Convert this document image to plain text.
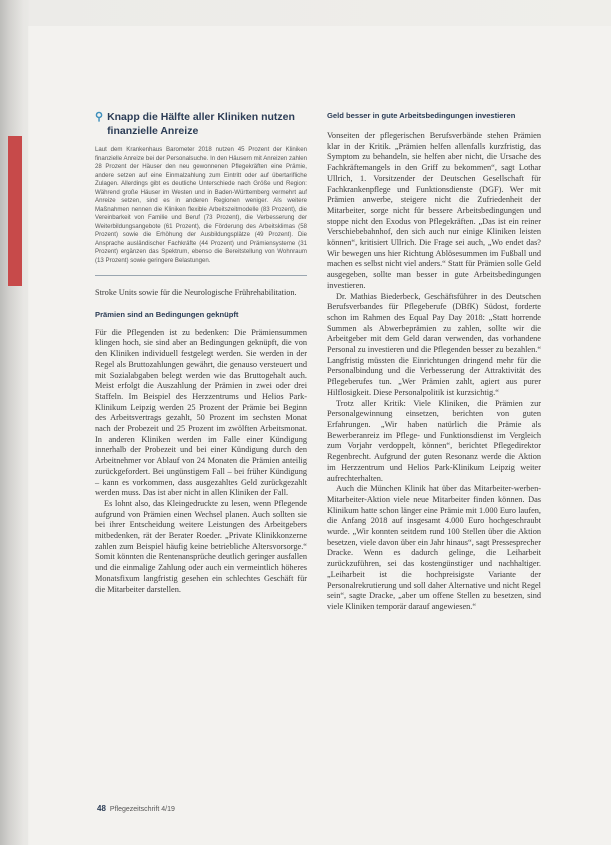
⚲ Knapp die Hälfte aller Kliniken nutzen finanzielle Anreize

Laut dem Krankenhaus Barometer 2018 nutzen 45 Prozent der Kliniken finanzielle Anreize bei der Personalsuche. In den Häusern mit Anreizen zahlen 28 Prozent der Häuser den neu gewonnenen Pflegekräften eine Prämie, andere setzen auf eine Einmalzahlung zum Eintritt oder auf übertarifliche Zulagen. Allerdings gibt es deutliche Unterschiede nach Größe und Region: Während große Häuser im Westen und in Baden-Württemberg vermehrt auf Anreize setzen, sind es in anderen Regionen weniger. Als weitere Maßnahmen nennen die Kliniken flexible Arbeitszeitmodelle (83 Prozent), die Vereinbarkeit von Familie und Beruf (73 Prozent), die Verbesserung der Weiterbildungsangebote (61 Prozent), die Förderung des Arbeitsklimas (58 Prozent) sowie die Erhöhung der Ausbildungsplätze (49 Prozent). Die Ansprache ausländischer Fachkräfte (44 Prozent) und Prämiensysteme (31 Prozent) ergänzen das Spektrum, ebenso die Bereitstellung von Wohnraum (13 Prozent) sowie geringere Belastungen.

Stroke Units sowie für die Neurologische Frührehabilitation.

Prämien sind an Bedingungen geknüpft

Für die Pflegenden ist zu bedenken: Die Prämiensummen klingen hoch, sie sind aber an Bedingungen geknüpft, die von den Kliniken individuell festgelegt werden. Sie werden in der Regel als Bruttozahlungen gewährt, die genauso versteuert und mit Sozialabgaben belegt werden wie das Bruttogehalt auch. Meist erfolgt die Auszahlung der Prämien in zwei oder drei Staffeln. Im Beispiel des Herzzentrums und Helios Park-Klinikum Leipzig werden 25 Prozent der Prämie bei Beginn des Arbeitsvertrags gezahlt, 50 Prozent im sechsten Monat nach der Probezeit und 25 Prozent im zwölften Arbeitsmonat. In anderen Kliniken werden im Falle einer Kündigung innerhalb der Probezeit und bei einer Kündigung durch den Arbeitnehmer vor Ablauf von 24 Monaten die Prämien anteilig zurückgefordert. Bei ungünstigem Fall – bei früher Kündigung – kann es vorkommen, dass ausgezahltes Geld zurückgezahlt werden muss. Das ist aber nicht in allen Kliniken der Fall.

Es lohnt also, das Kleingedruckte zu lesen, wenn Pflegende aufgrund von Prämien einen Wechsel planen. Auch sollten sie bei ihrer Entscheidung weitere Leistungen des Arbeitgebers mitbedenken, rät der Berater Roeder. „Private Klinikkonzerne zahlen zum Beispiel häufig keine betriebliche Altersvorsorge.“ Somit könnten die Rentenansprüche deutlich geringer ausfallen und die einmalige Zahlung oder auch ein vermeintlich höheres Monatsfixum langfristig gesehen ein schlechtes Geschäft für die Mitarbeiter darstellen.

Geld besser in gute Arbeitsbedingungen investieren

Vonseiten der pflegerischen Berufsverbände stehen Prämien klar in der Kritik. „Prämien helfen allenfalls kurzfristig, das Symptom zu behandeln, sie helfen aber nicht, die Ursache des Fachkräftemangels in den Griff zu bekommen“, sagt Lothar Ullrich, 1. Vorsitzender der Deutschen Gesellschaft für Fachkrankenpflege und Funktionsdienste (DGF). Wer mit Prämien anwerbe, steigere nicht die Zufriedenheit der Mitarbeiter, sorge nicht für bessere Arbeitsbedingungen und stoppe nicht den Exodus von Pflegekräften. „Das ist ein reiner Verschiebebahnhof, den sich auch nur einige Kliniken leisten können“, kritisiert Ullrich. Die Frage sei auch, „Wo endet das? Wir bewegen uns hier Richtung Ablösesummen im Fußball und machen es selbst nicht viel anders.“ Statt für Prämien solle Geld ausgegeben, sollte man besser in gute Arbeitsbedingungen investieren.

Dr. Mathias Biederbeck, Geschäftsführer in des Deutschen Berufsverbandes für Pflegeberufe (DBfK) Südost, forderte schon im Rahmen des Equal Pay Day 2018: „Statt horrende Summen als Abwerbeprämien zu zahlen, sollte wir die Arbeitgeber mit dem Geld daran verwenden, das vorhandene Personal zu investieren und die Pflegenden besser zu bezahlen.“ Langfristig müssten die Einrichtungen dringend mehr für die Personalbindung und die Verbesserung der Attraktivität des Pflegeberufes tun. „Wer Prämien zahlt, agiert aus purer Hilflosigkeit. Diese Personalpolitik ist kurzsichtig.“

Trotz aller Kritik: Viele Kliniken, die Prämien zur Personalgewinnung einsetzen, berichten von guten Erfahrungen. „Wir haben natürlich die Prämie als Bewerberanreiz im Pflege- und Funktionsdienst im Vergleich zum Vorjahr verdoppelt, können“, berichtet Pflegedirektor Regenbrecht. Aufgrund der guten Resonanz werde die Aktion im Herzzentrum und Helios Park-Klinikum Leipzig weiter aufrechterhalten.

Auch die München Klinik hat über das Mitarbeiter-werben-Mitarbeiter-Aktion viele neue Mitarbeiter finden können. Das Klinikum hatte schon länger eine Prämie mit 1.000 Euro laufen, die Anfang 2018 auf insgesamt 4.000 Euro hochgeschraubt wurde. „Wir konnten seitdem rund 100 Stellen über die Aktion besetzen, viele davon über ein Jahr hinaus“, sagt Pressesprecher Dracke. Wenn es dadurch gelinge, die Leiharbeit zurückzuführen, sei das kostengünstiger und nachhaltiger. „Leiharbeit ist die hochpreisigste Variante der Personalrekrutierung und soll daher Alternative und nicht Regel sein“, sagte Dracke, „aber um offene Stellen zu besetzen, sind viele Kliniken temporär darauf angewiesen.“

48 Pflegezeitschrift 4/19
